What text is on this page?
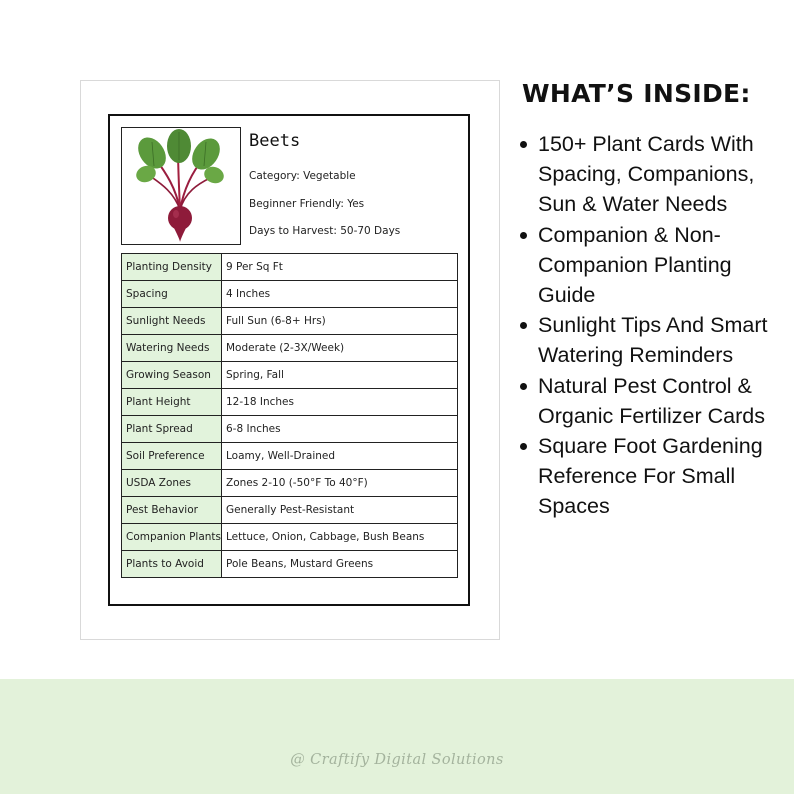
Beets
Category: Vegetable
Beginner Friendly: Yes
Days to Harvest: 50-70 Days
Planting Density	9 Per Sq Ft
Spacing	4 Inches
Sunlight Needs	Full Sun (6-8+ Hrs)
Watering Needs	Moderate (2-3X/Week)
Growing Season	Spring, Fall
Plant Height	12-18 Inches
Plant Spread	6-8 Inches
Soil Preference	Loamy, Well-Drained
USDA Zones	Zones 2-10 (-50°F To 40°F)
Pest Behavior	Generally Pest-Resistant
Companion Plants	Lettuce, Onion, Cabbage, Bush Beans
Plants to Avoid	Pole Beans, Mustard Greens
WHAT’S INSIDE:
150+ Plant Cards With Spacing, Companions, Sun & Water Needs
Companion & Non-Companion Planting Guide
Sunlight Tips And Smart Watering Reminders
Natural Pest Control & Organic Fertilizer Cards
Square Foot Gardening Reference For Small Spaces
@ Craftify Digital Solutions
